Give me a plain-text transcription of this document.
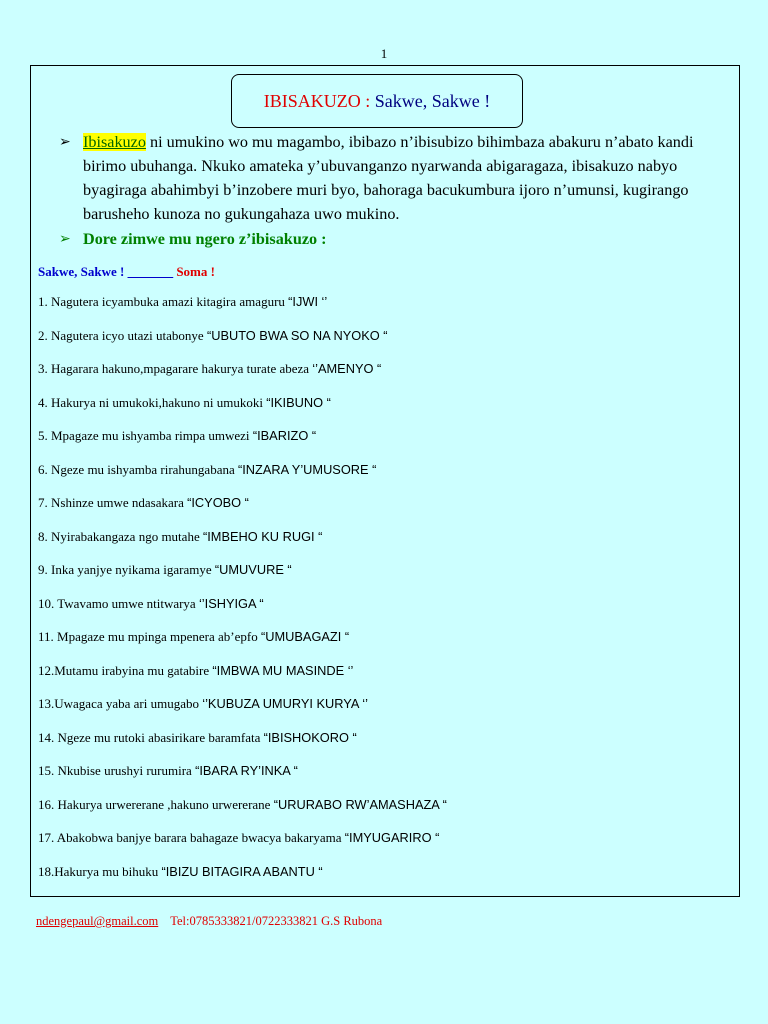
1
IBISAKUZO : Sakwe, Sakwe !
➢ Ibisakuzo ni umukino wo mu magambo, ibibazo n’ibisubizo bihimbaza abakuru n’abato kandi birimo ubuhanga. Nkuko amateka y’ubuvanganzo nyarwanda abigaragaza, ibisakuzo nabyo byagiraga abahimbyi b’inzobere muri byo, bahoraga bacukumbura ijoro n’umunsi, kugirango barusheho kunoza no gukungahaza uwo mukino.
➢ Dore zimwe mu ngero z’ibisakuzo :
Sakwe, Sakwe ! _______ Soma !
1. Nagutera icyambuka amazi kitagira amaguru “IJWI ‘’
2. Nagutera icyo utazi utabonye “UBUTO BWA SO NA NYOKO “
3. Hagarara hakuno,mpagarare hakurya turate abeza ‘’AMENYO “
4. Hakurya ni umukoki,hakuno ni umukoki “IKIBUNO “
5. Mpagaze mu ishyamba rimpa umwezi “IBARIZO “
6. Ngeze mu ishyamba rirahungabana “INZARA Y’UMUSORE “
7. Nshinze umwe ndasakara “ICYOBO “
8. Nyirabakangaza ngo mutahe “IMBEHO KU RUGI “
9. Inka yanjye nyikama igaramye “UMUVURE “
10. Twavamo umwe ntitwarya ‘’ISHYIGA “
11. Mpagaze mu mpinga mpenera ab’epfo “UMUBAGAZI “
12.Mutamu irabyina mu gatabire “IMBWA MU MASINDE ‘’
13.Uwagaca yaba ari umugabo ‘’KUBUZA UMURYI KURYA ‘’
14. Ngeze mu rutoki abasirikare baramfata “IBISHOKORO “
15. Nkubise urushyi rurumira “IBARA RY’INKA “
16. Hakurya urwererane ,hakuno urwererane “URURABO RW’AMASHAZA “
17. Abakobwa banjye barara bahagaze bwacya bakaryama “IMYUGARIRO “
18.Hakurya mu bihuku “IBIZU BITAGIRA ABANTU “
ndengepaul@gmail.com Tel:0785333821/0722333821 G.S Rubona
